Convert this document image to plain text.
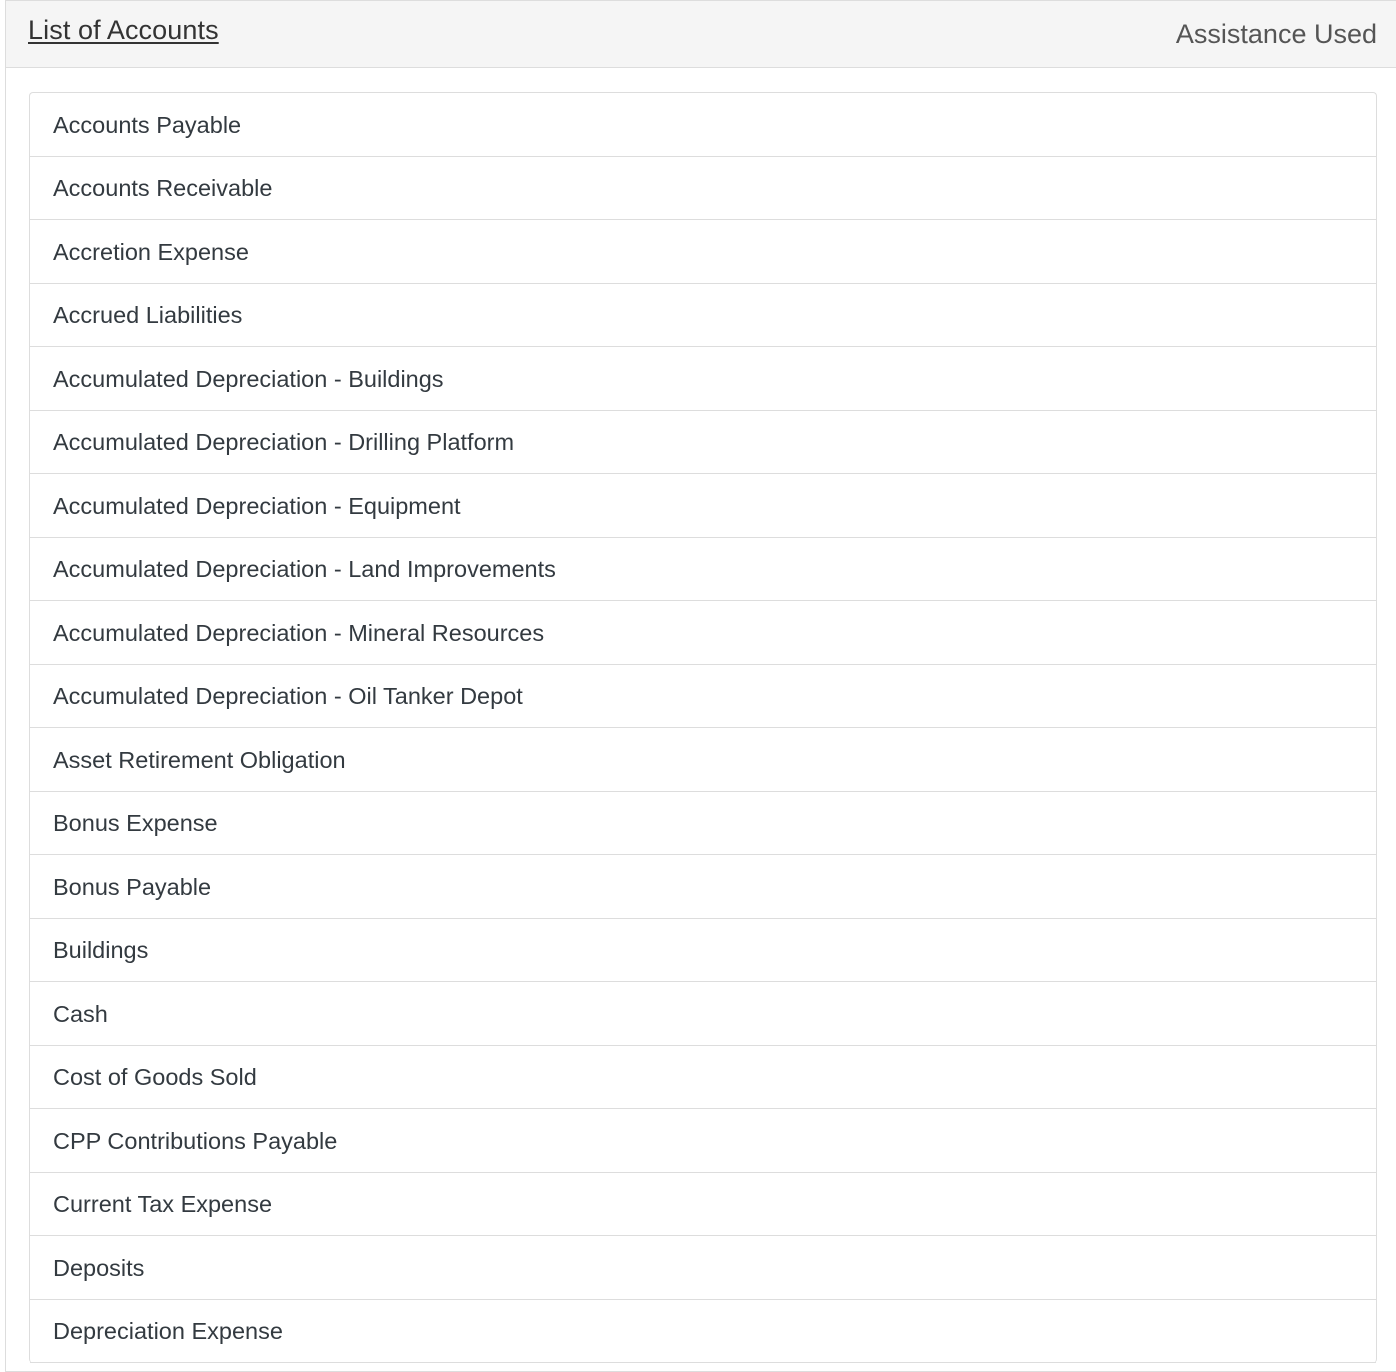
List of Accounts	Assistance Used
Accounts Payable
Accounts Receivable
Accretion Expense
Accrued Liabilities
Accumulated Depreciation - Buildings
Accumulated Depreciation - Drilling Platform
Accumulated Depreciation - Equipment
Accumulated Depreciation - Land Improvements
Accumulated Depreciation - Mineral Resources
Accumulated Depreciation - Oil Tanker Depot
Asset Retirement Obligation
Bonus Expense
Bonus Payable
Buildings
Cash
Cost of Goods Sold
CPP Contributions Payable
Current Tax Expense
Deposits
Depreciation Expense
